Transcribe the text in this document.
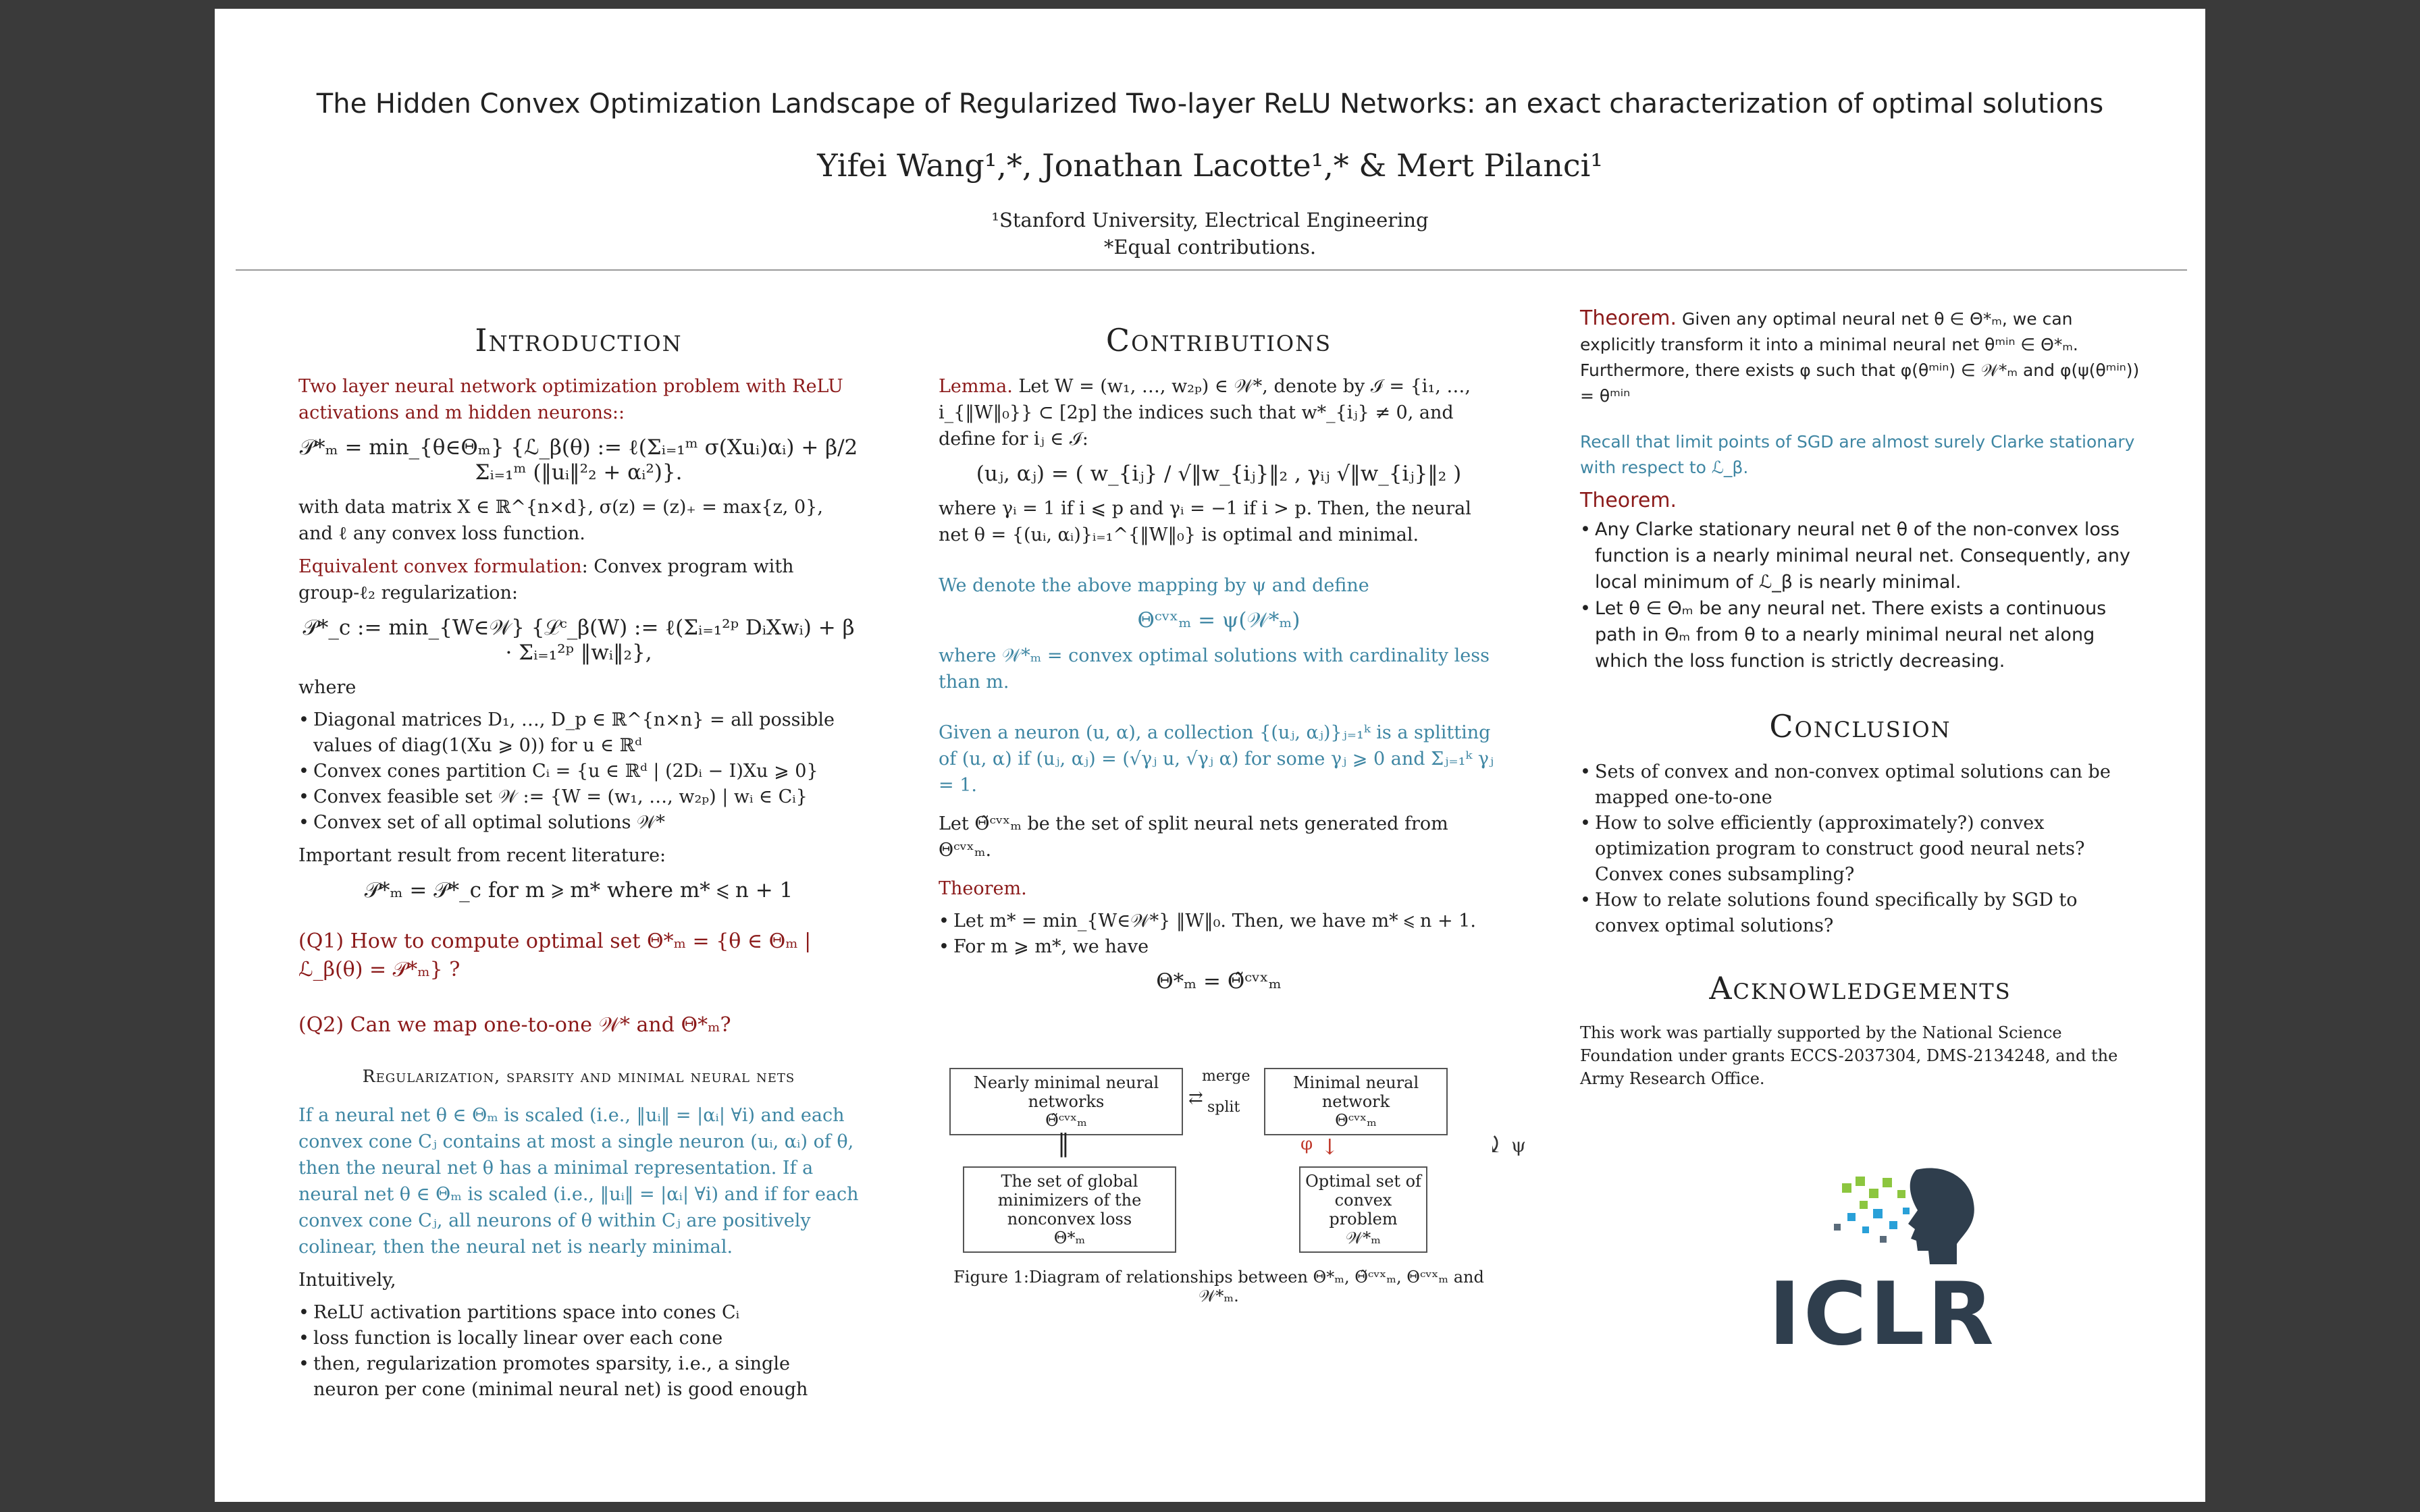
The Hidden Convex Optimization Landscape of Regularized Two-layer ReLU Networks: an exact characterization of optimal solutions
Yifei Wang¹,*, Jonathan Lacotte¹,* & Mert Pilanci¹
¹Stanford University, Electrical Engineering
*Equal contributions.
Introduction
Two layer neural network optimization problem with ReLU activations and m hidden neurons::
𝒫*ₘ = min_{θ∈Θₘ} {ℒ_β(θ) := ℓ(Σᵢ₌₁ᵐ σ(Xuᵢ)αᵢ) + β/2 Σᵢ₌₁ᵐ (‖uᵢ‖²₂ + αᵢ²)}.
with data matrix X ∈ ℝ^{n×d}, σ(z) = (z)₊ = max{z, 0}, and ℓ any convex loss function.
Equivalent convex formulation: Convex program with group-ℓ₂ regularization:
𝒫*_c := min_{W∈𝒲} {ℒᶜ_β(W) := ℓ(Σᵢ₌₁²ᵖ DᵢXwᵢ) + β · Σᵢ₌₁²ᵖ ‖wᵢ‖₂},
where
• Diagonal matrices D₁, …, D_p ∈ ℝ^{n×n} = all possible values of diag(1(Xu ⩾ 0)) for u ∈ ℝᵈ
• Convex cones partition Cᵢ = {u ∈ ℝᵈ | (2Dᵢ − I)Xu ⩾ 0}
• Convex feasible set 𝒲 := {W = (w₁, …, w₂ₚ) | wᵢ ∈ Cᵢ}
• Convex set of all optimal solutions 𝒲*
Important result from recent literature:
𝒫*ₘ = 𝒫*_c for m ⩾ m* where m* ⩽ n + 1
(Q1) How to compute optimal set Θ*ₘ = {θ ∈ Θₘ | ℒ_β(θ) = 𝒫*ₘ} ?
(Q2) Can we map one-to-one 𝒲* and Θ*ₘ?
Regularization, sparsity and minimal neural nets
If a neural net θ ∈ Θₘ is scaled (i.e., ‖uᵢ‖ = |αᵢ| ∀i) and each convex cone Cⱼ contains at most a single neuron (uᵢ, αᵢ) of θ, then the neural net θ has a minimal representation. If a neural net θ ∈ Θₘ is scaled (i.e., ‖uᵢ‖ = |αᵢ| ∀i) and if for each convex cone Cⱼ, all neurons of θ within Cⱼ are positively colinear, then the neural net is nearly minimal.
Intuitively,
• ReLU activation partitions space into cones Cᵢ
• loss function is locally linear over each cone
• then, regularization promotes sparsity, i.e., a single neuron per cone (minimal neural net) is good enough
Contributions
Lemma. Let W = (w₁, …, w₂ₚ) ∈ 𝒲*, denote by ℐ = {i₁, …, i_{‖W‖₀}} ⊂ [2p] the indices such that w*_{iⱼ} ≠ 0, and define for iⱼ ∈ ℐ:
(uⱼ, αⱼ) = ( w_{iⱼ} / √‖w_{iⱼ}‖₂ , γᵢⱼ √‖w_{iⱼ}‖₂ )
where γᵢ = 1 if i ⩽ p and γᵢ = −1 if i > p. Then, the neural net θ = {(uᵢ, αᵢ)}ᵢ₌₁^{‖W‖₀} is optimal and minimal.
We denote the above mapping by ψ and define
Θᶜᵛˣₘ = ψ(𝒲*ₘ)
where 𝒲*ₘ = convex optimal solutions with cardinality less than m.
Given a neuron (u, α), a collection {(uⱼ, αⱼ)}ⱼ₌₁ᵏ is a splitting of (u, α) if (uⱼ, αⱼ) = (√γⱼ u, √γⱼ α) for some γⱼ ⩾ 0 and Σⱼ₌₁ᵏ γⱼ = 1.
Let Θ̃ᶜᵛˣₘ be the set of split neural nets generated from Θᶜᵛˣₘ.
Theorem.
• Let m* = min_{W∈𝒲*} ‖W‖₀. Then, we have m* ⩽ n + 1.
• For m ⩾ m*, we have
Θ*ₘ = Θ̃ᶜᵛˣₘ
Nearly minimal neural networks
Θ̃ᶜᵛˣₘ
Minimal neural network
Θᶜᵛˣₘ
merge
⇄ split
‖	⤸ ψ
↓
φ
The set of global minimizers of the nonconvex loss
Θ*ₘ
Optimal set of convex problem
𝒲*ₘ
Figure 1:Diagram of relationships between Θ*ₘ, Θ̃ᶜᵛˣₘ, Θᶜᵛˣₘ and 𝒲*ₘ.
Theorem. Given any optimal neural net θ ∈ Θ*ₘ, we can explicitly transform it into a minimal neural net θᵐⁱⁿ ∈ Θ*ₘ. Furthermore, there exists φ such that φ(θᵐⁱⁿ) ∈ 𝒲*ₘ and φ(ψ(θᵐⁱⁿ)) = θᵐⁱⁿ
Recall that limit points of SGD are almost surely Clarke stationary with respect to ℒ_β.
Theorem.
• Any Clarke stationary neural net θ of the non-convex loss function is a nearly minimal neural net. Consequently, any local minimum of ℒ_β is nearly minimal.
• Let θ ∈ Θₘ be any neural net. There exists a continuous path in Θₘ from θ to a nearly minimal neural net along which the loss function is strictly decreasing.
Conclusion
• Sets of convex and non-convex optimal solutions can be mapped one-to-one
• How to solve efficiently (approximately?) convex optimization program to construct good neural nets? Convex cones subsampling?
• How to relate solutions found specifically by SGD to convex optimal solutions?
Acknowledgements
This work was partially supported by the National Science Foundation under grants ECCS-2037304, DMS-2134248, and the Army Research Office.
ICLR
